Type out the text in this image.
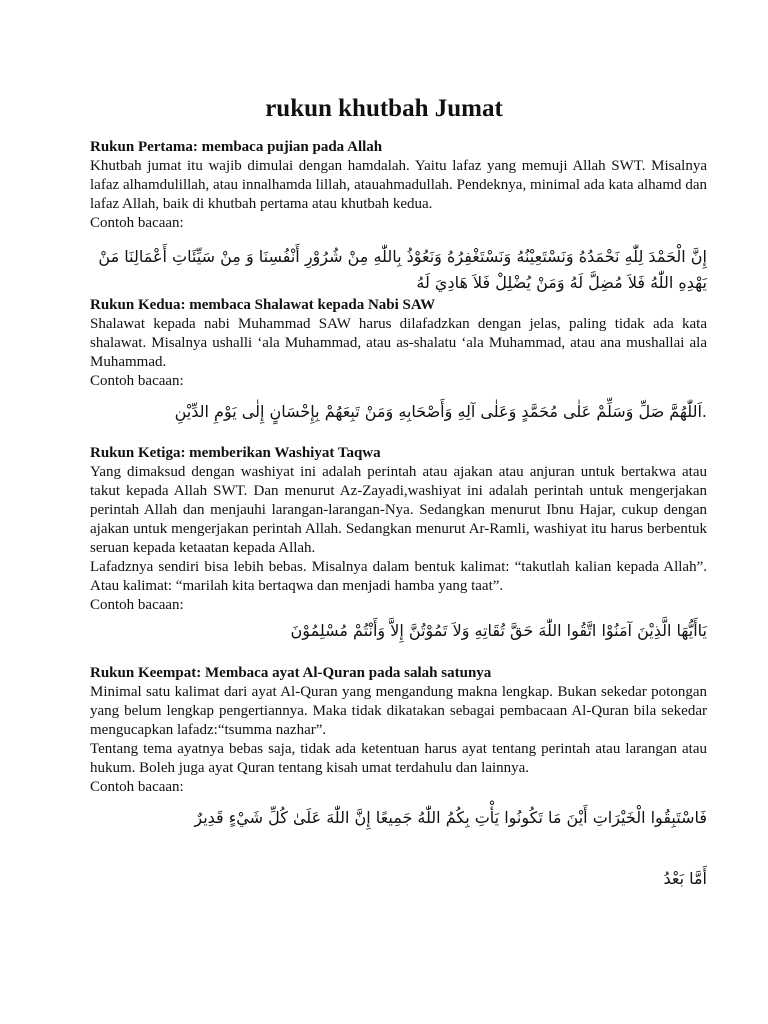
rukun khutbah Jumat
Rukun Pertama: membaca pujian pada Allah

Khutbah jumat itu wajib dimulai dengan hamdalah. Yaitu lafaz yang memuji Allah SWT. Misalnya lafaz alhamdulillah, atau innalhamda lillah, atauahmadullah. Pendeknya, minimal ada kata alhamd dan lafaz Allah, baik di khutbah pertama atau khutbah kedua.

Contoh bacaan:

إِنَّ الْحَمْدَ لِلّٰهِ نَحْمَدُهُ وَنَسْتَعِيْنُهُ وَنَسْتَغْفِرُهُ وَنَعُوْذُ بِاللّٰهِ مِنْ شُرُوْرِ أَنْفُسِنَا وَ مِنْ سَيِّئَاتِ أَعْمَالِنَا مَنْ يَهْدِهِ اللّٰهُ فَلاَ مُضِلَّ لَهُ وَمَنْ يُضْلِلْ فَلاَ هَادِيَ لَهُ
Rukun Kedua: membaca Shalawat kepada Nabi SAW

Shalawat kepada nabi Muhammad SAW harus dilafadzkan dengan jelas, paling tidak ada kata shalawat. Misalnya ushalli ‘ala Muhammad, atau as-shalatu ‘ala Muhammad, atau ana mushallai ala Muhammad.

Contoh bacaan:

.اَللّٰهُمَّ صَلِّ وَسَلِّمْ عَلٰى مُحَمَّدٍ وَعَلٰى آلِهِ وَأَصْحَابِهِ وَمَنْ تَبِعَهُمْ بِإِحْسَانٍ إِلٰى يَوْمِ الدِّيْنِ
Rukun Ketiga: memberikan Washiyat Taqwa

Yang dimaksud dengan washiyat ini adalah perintah atau ajakan atau anjuran untuk bertakwa atau takut kepada Allah SWT. Dan menurut Az-Zayadi,washiyat ini adalah perintah untuk mengerjakan perintah Allah dan menjauhi larangan-larangan-Nya. Sedangkan menurut Ibnu Hajar, cukup dengan ajakan untuk mengerjakan perintah Allah. Sedangkan menurut Ar-Ramli, washiyat itu harus berbentuk seruan kepada ketaatan kepada Allah.

Lafadznya sendiri bisa lebih bebas. Misalnya dalam bentuk kalimat: “takutlah kalian kepada Allah”. Atau kalimat: “marilah kita bertaqwa dan menjadi hamba yang taat”.

Contoh bacaan:

يَاأَيُّهَا الَّذِيْنَ آمَنُوْا اتَّقُوا اللّٰهَ حَقَّ تُقَاتِهِ وَلاَ تَمُوْتُنَّ إِلاَّ وَأَنْتُمْ مُسْلِمُوْنَ
Rukun Keempat: Membaca ayat Al-Quran pada salah satunya

Minimal satu kalimat dari ayat Al-Quran yang mengandung makna lengkap. Bukan sekedar potongan yang belum lengkap pengertiannya. Maka tidak dikatakan sebagai pembacaan Al-Quran bila sekedar mengucapkan lafadz:“tsumma nazhar”.

Tentang tema ayatnya bebas saja, tidak ada ketentuan harus ayat tentang perintah atau larangan atau hukum. Boleh juga ayat Quran tentang kisah umat terdahulu dan lainnya.

Contoh bacaan:

فَاسْتَبِقُوا الْخَيْرَاتِ أَيْنَ مَا تَكُونُوا يَأْتِ بِكُمُ اللّٰهُ جَمِيعًا إِنَّ اللّٰهَ عَلَىٰ كُلِّ شَيْءٍ قَدِيرٌ
أَمَّا بَعْدُ
